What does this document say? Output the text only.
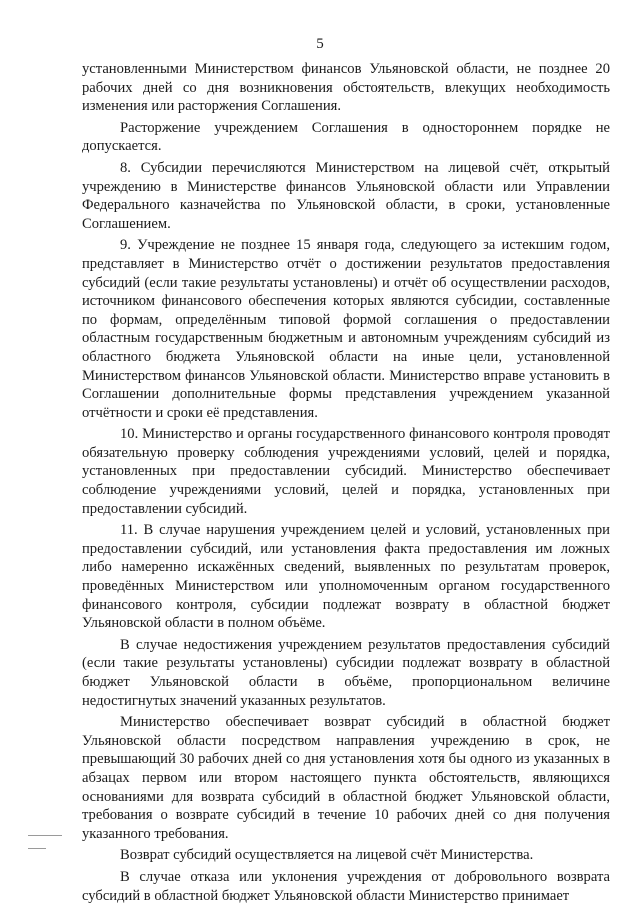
5

установленными Министерством финансов Ульяновской области, не позднее 20 рабочих дней со дня возникновения обстоятельств, влекущих необходимость изменения или расторжения Соглашения.

Расторжение учреждением Соглашения в одностороннем порядке не допускается.

8. Субсидии перечисляются Министерством на лицевой счёт, открытый учреждению в Министерстве финансов Ульяновской области или Управлении Федерального казначейства по Ульяновской области, в сроки, установленные Соглашением.

9. Учреждение не позднее 15 января года, следующего за истекшим годом, представляет в Министерство отчёт о достижении результатов предоставления субсидий (если такие результаты установлены) и отчёт об осуществлении расходов, источником финансового обеспечения которых являются субсидии, составленные по формам, определённым типовой формой соглашения о предоставлении областным государственным бюджетным и автономным учреждениям субсидий из областного бюджета Ульяновской области на иные цели, установленной Министерством финансов Ульяновской области. Министерство вправе установить в Соглашении дополнительные формы представления учреждением указанной отчётности и сроки её представления.

10. Министерство и органы государственного финансового контроля проводят обязательную проверку соблюдения учреждениями условий, целей и порядка, установленных при предоставлении субсидий. Министерство обеспечивает соблюдение учреждениями условий, целей и порядка, установленных при предоставлении субсидий.

11. В случае нарушения учреждением целей и условий, установленных при предоставлении субсидий, или установления факта предоставления им ложных либо намеренно искажённых сведений, выявленных по результатам проверок, проведённых Министерством или уполномоченным органом государственного финансового контроля, субсидии подлежат возврату в областной бюджет Ульяновской области в полном объёме.

В случае недостижения учреждением результатов предоставления субсидий (если такие результаты установлены) субсидии подлежат возврату в областной бюджет Ульяновской области в объёме, пропорциональном величине недостигнутых значений указанных результатов.

Министерство обеспечивает возврат субсидий в областной бюджет Ульяновской области посредством направления учреждению в срок, не превышающий 30 рабочих дней со дня установления хотя бы одного из указанных в абзацах первом или втором настоящего пункта обстоятельств, являющихся основаниями для возврата субсидий в областной бюджет Ульяновской области, требования о возврате субсидий в течение 10 рабочих дней со дня получения указанного требования.

Возврат субсидий осуществляется на лицевой счёт Министерства.

В случае отказа или уклонения учреждения от добровольного возврата субсидий в областной бюджет Ульяновской области Министерство принимает
